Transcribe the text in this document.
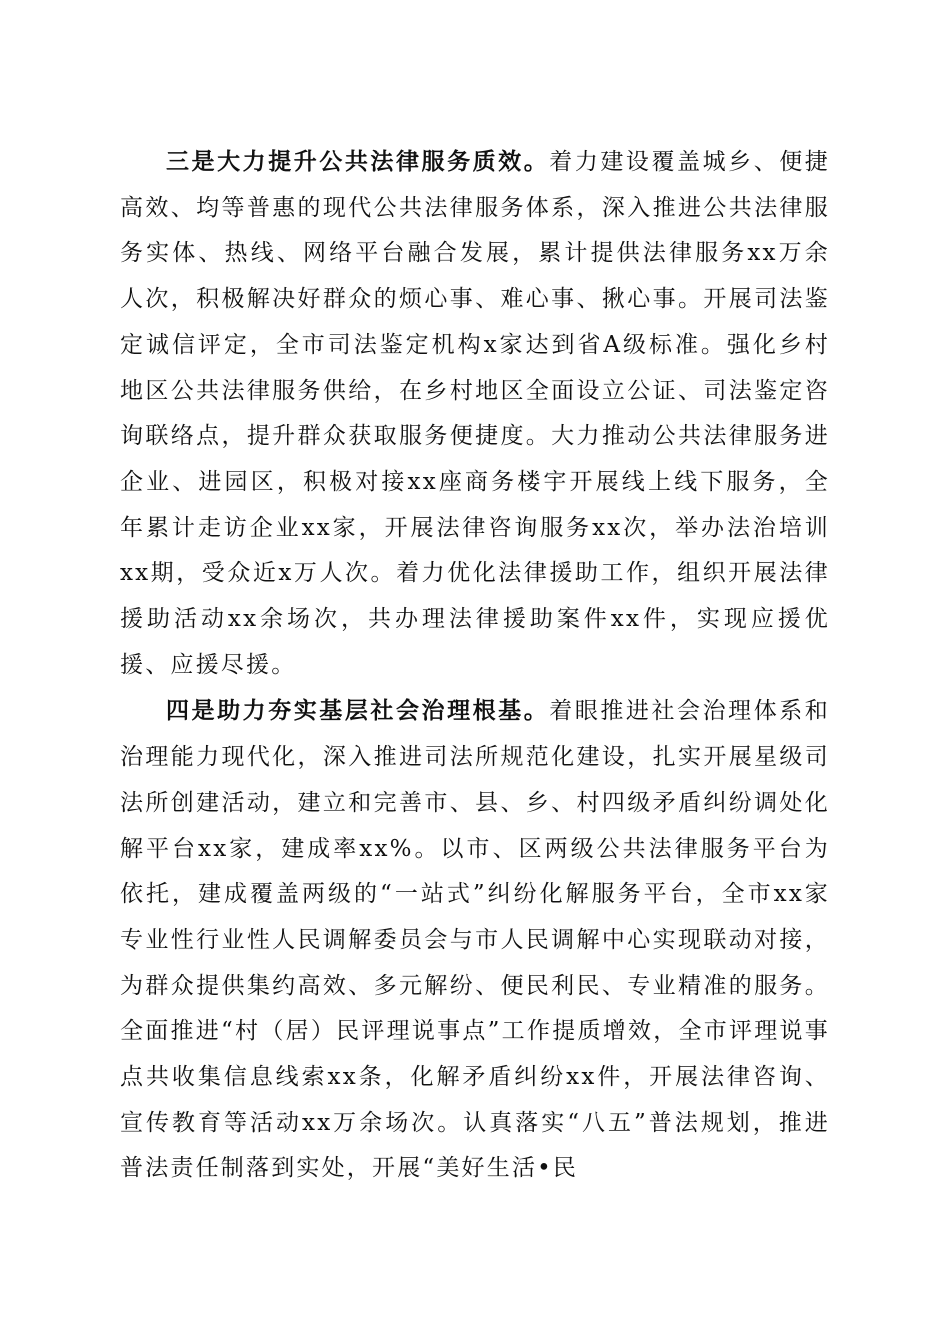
三是大力提升公共法律服务质效。着力建设覆盖城乡、便捷高效、均等普惠的现代公共法律服务体系，深入推进公共法律服务实体、热线、网络平台融合发展，累计提供法律服务xx万余人次，积极解决好群众的烦心事、难心事、揪心事。开展司法鉴定诚信评定，全市司法鉴定机构x家达到省A级标准。强化乡村地区公共法律服务供给，在乡村地区全面设立公证、司法鉴定咨询联络点，提升群众获取服务便捷度。大力推动公共法律服务进企业、进园区，积极对接xx座商务楼宇开展线上线下服务，全年累计走访企业xx家，开展法律咨询服务xx次，举办法治培训xx期，受众近x万人次。着力优化法律援助工作，组织开展法律援助活动xx余场次，共办理法律援助案件xx件，实现应援优援、应援尽援。

四是助力夯实基层社会治理根基。着眼推进社会治理体系和治理能力现代化，深入推进司法所规范化建设，扎实开展星级司法所创建活动，建立和完善市、县、乡、村四级矛盾纠纷调处化解平台xx家，建成率xx%。以市、区两级公共法律服务平台为依托，建成覆盖两级的“一站式”纠纷化解服务平台，全市xx家专业性行业性人民调解委员会与市人民调解中心实现联动对接，为群众提供集约高效、多元解纷、便民利民、专业精准的服务。全面推进“村（居）民评理说事点”工作提质增效，全市评理说事点共收集信息线索xx条，化解矛盾纠纷xx件，开展法律咨询、宣传教育等活动xx万余场次。认真落实“八五”普法规划，推进普法责任制落到实处，开展“美好生活•民
